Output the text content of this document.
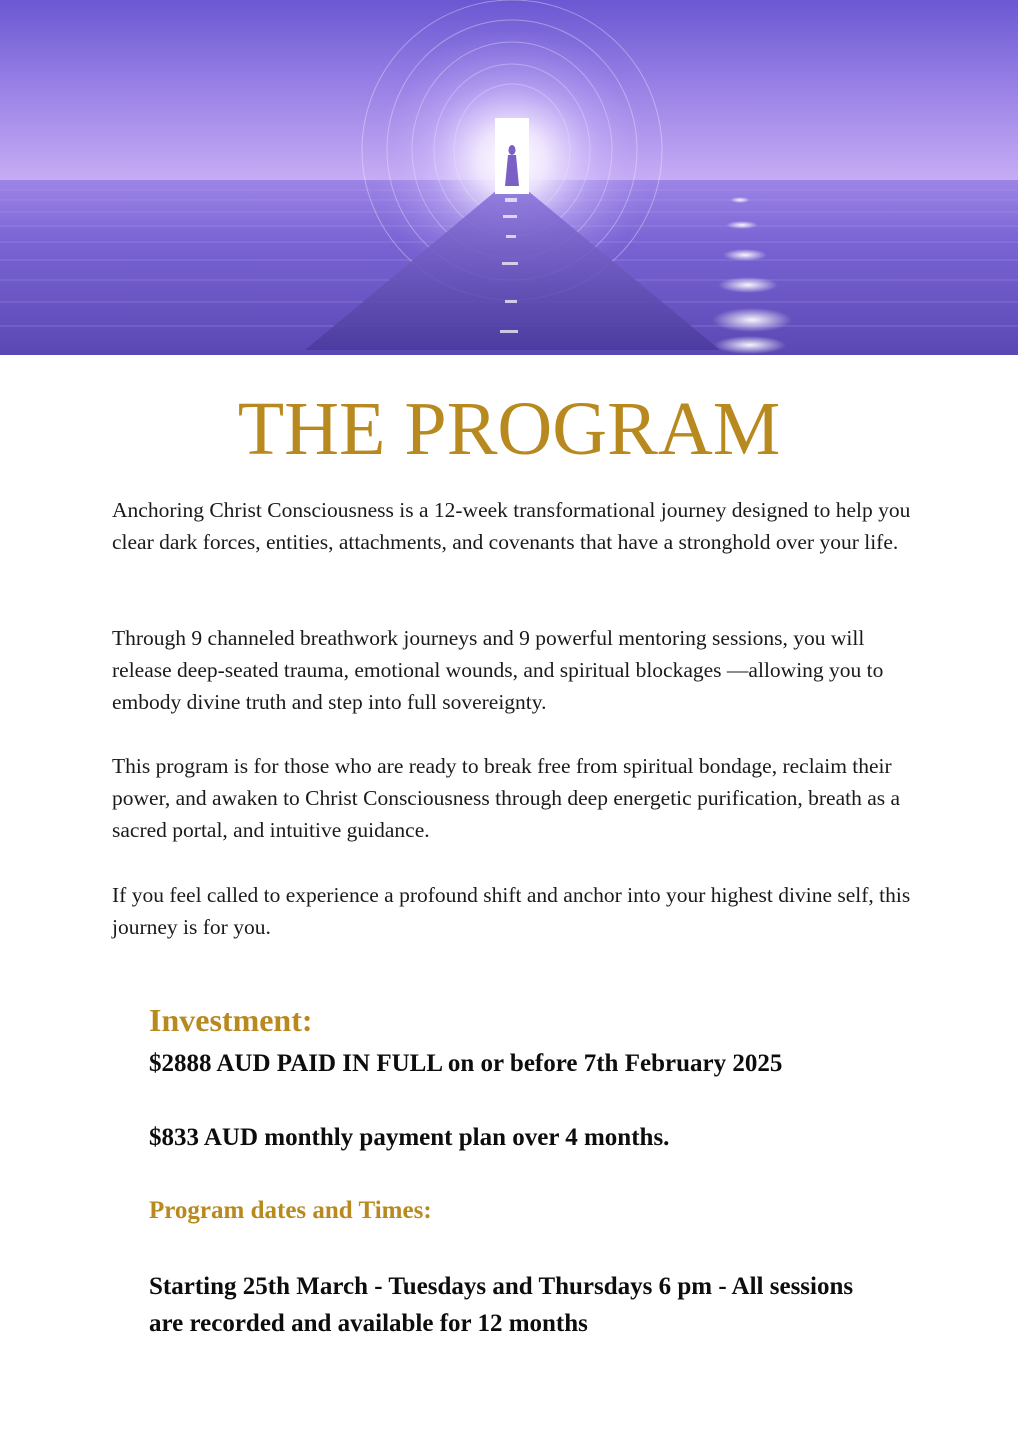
THE PROGRAM

Anchoring Christ Consciousness is a 12-week transformational journey designed to help you clear dark forces, entities, attachments, and covenants that have a stronghold over your life.

Through 9 channeled breathwork journeys and 9 powerful mentoring sessions, you will release deep-seated trauma, emotional wounds, and spiritual blockages —allowing you to embody divine truth and step into full sovereignty.

This program is for those who are ready to break free from spiritual bondage, reclaim their power, and awaken to Christ Consciousness through deep energetic purification, breath as a sacred portal, and intuitive guidance.

If you feel called to experience a profound shift and anchor into your highest divine self, this journey is for you.

Investment:
$2888 AUD PAID IN FULL on or before 7th February 2025
$833 AUD monthly payment plan over 4 months.
Program dates and Times:
Starting 25th March - Tuesdays and Thursdays 6 pm - All sessions are recorded and available for 12 months
